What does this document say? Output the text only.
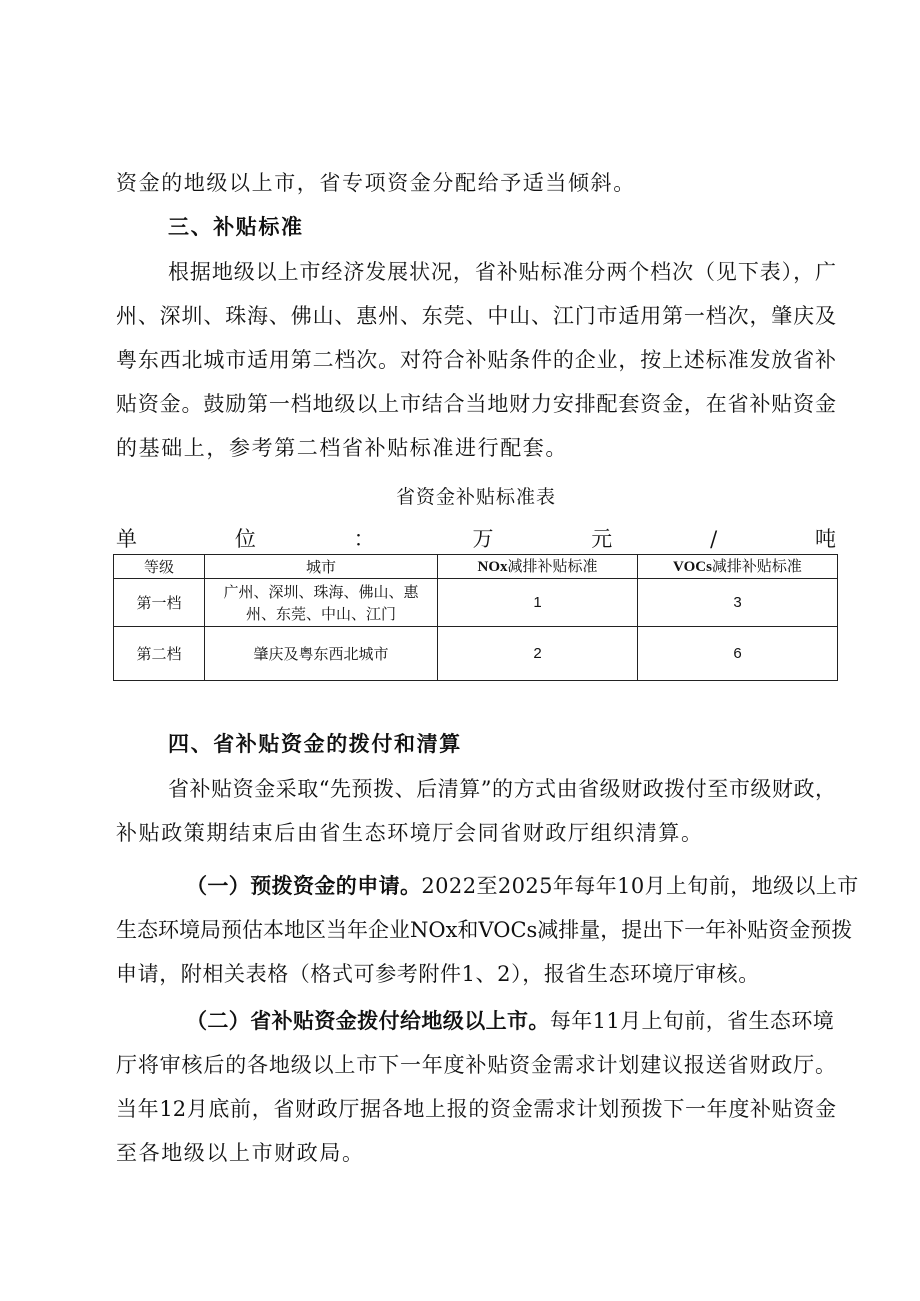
资金的地级以上市，省专项资金分配给予适当倾斜。
三、补贴标准
根据地级以上市经济发展状况，省补贴标准分两个档次（见下表），广
州、深圳、珠海、佛山、惠州、东莞、中山、江门市适用第一档次，肇庆及
粤东西北城市适用第二档次。对符合补贴条件的企业，按上述标准发放省补
贴资金。鼓励第一档地级以上市结合当地财力安排配套资金，在省补贴资金
的基础上，参考第二档省补贴标准进行配套。
省资金补贴标准表
单	位	：	万	元	/	吨
等级	城市	NOx减排补贴标准	VOCs减排补贴标准
第一档	广州、深圳、珠海、佛山、惠
州、东莞、中山、江门	1	3
第二档	肇庆及粤东西北城市	2	6
四、省补贴资金的拨付和清算
省补贴资金采取“先预拨、后清算”的方式由省级财政拨付至市级财政，
补贴政策期结束后由省生态环境厅会同省财政厅组织清算。
（一）预拨资金的申请。2022至2025年每年10月上旬前，地级以上市
生态环境局预估本地区当年企业NOx和VOCs减排量，提出下一年补贴资金预拨
申请，附相关表格（格式可参考附件1、2），报省生态环境厅审核。
（二）省补贴资金拨付给地级以上市。每年11月上旬前，省生态环境
厅将审核后的各地级以上市下一年度补贴资金需求计划建议报送省财政厅。
当年12月底前，省财政厅据各地上报的资金需求计划预拨下一年度补贴资金
至各地级以上市财政局。
